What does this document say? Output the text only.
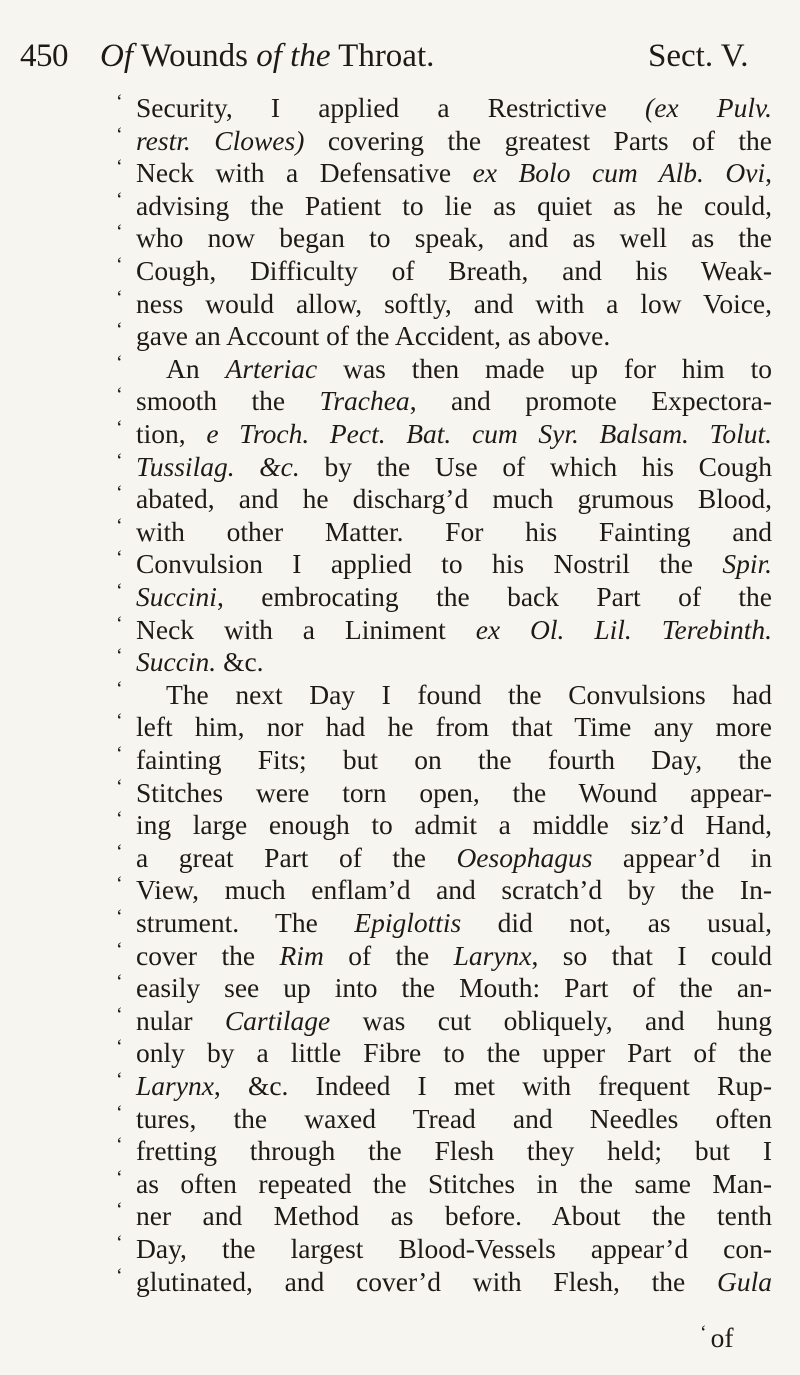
450 Of Wounds of the Throat.	Sect. V.
‘ Security, I applied a Restrictive (ex Pulv.
‘ restr. Clowes) covering the greatest Parts of the
‘ Neck with a Defensative ex Bolo cum Alb. Ovi,
‘ advising the Patient to lie as quiet as he could,
‘ who now began to speak, and as well as the
‘ Cough, Difficulty of Breath, and his Weak-
‘ ness would allow, softly, and with a low Voice,
‘ gave an Account of the Accident, as above.
‘ An Arteriac was then made up for him to
‘ smooth the Trachea, and promote Expectora-
‘ tion, e Troch. Pect. Bat. cum Syr. Balsam. Tolut.
‘ Tussilag. &c. by the Use of which his Cough
‘ abated, and he discharg’d much grumous Blood,
‘ with other Matter. For his Fainting and
‘ Convulsion I applied to his Nostril the Spir.
‘ Succini, embrocating the back Part of the
‘ Neck with a Liniment ex Ol. Lil. Terebinth.
‘ Succin. &c.
‘ The next Day I found the Convulsions had
‘ left him, nor had he from that Time any more
‘ fainting Fits; but on the fourth Day, the
‘ Stitches were torn open, the Wound appear-
‘ ing large enough to admit a middle siz’d Hand,
‘ a great Part of the Oesophagus appear’d in
‘ View, much enflam’d and scratch’d by the In-
‘ strument. The Epiglottis did not, as usual,
‘ cover the Rim of the Larynx, so that I could
‘ easily see up into the Mouth: Part of the an-
‘ nular Cartilage was cut obliquely, and hung
‘ only by a little Fibre to the upper Part of the
‘ Larynx, &c. Indeed I met with frequent Rup-
‘ tures, the waxed Tread and Needles often
‘ fretting through the Flesh they held; but I
‘ as often repeated the Stitches in the same Man-
‘ ner and Method as before. About the tenth
‘ Day, the largest Blood-Vessels appear’d con-
‘ glutinated, and cover’d with Flesh, the Gula
‘ of
